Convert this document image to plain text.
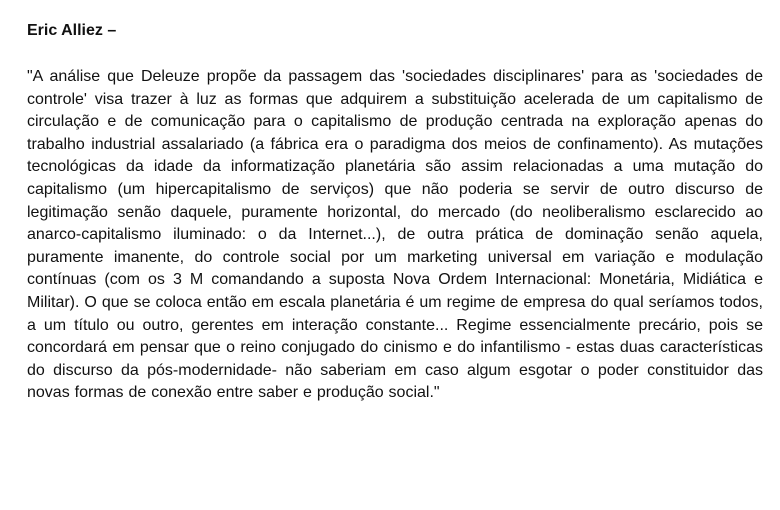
Eric Alliez –

"A análise que Deleuze propõe da passagem das 'sociedades disciplinares' para as 'sociedades de controle' visa trazer à luz as formas que adquirem a substituição acelerada de um capitalismo de circulação e de comunicação para o capitalismo de produção centrada na exploração apenas do trabalho industrial assalariado (a fábrica era o paradigma dos meios de confinamento). As mutações tecnológicas da idade da informatização planetária são assim relacionadas a uma mutação do capitalismo (um hipercapitalismo de serviços) que não poderia se servir de outro discurso de legitimação senão daquele, puramente horizontal, do mercado (do neoliberalismo esclarecido ao anarco-capitalismo iluminado: o da Internet...), de outra prática de dominação senão aquela, puramente imanente, do controle social por um marketing universal em variação e modulação contínuas (com os 3 M comandando a suposta Nova Ordem Internacional: Monetária, Midiática e Militar). O que se coloca então em escala planetária é um regime de empresa do qual seríamos todos, a um título ou outro, gerentes em interação constante... Regime essencialmente precário, pois se concordará em pensar que o reino conjugado do cinismo e do infantilismo - estas duas características do discurso da pós-modernidade- não saberiam em caso algum esgotar o poder constituidor das novas formas de conexão entre saber e produção social."
